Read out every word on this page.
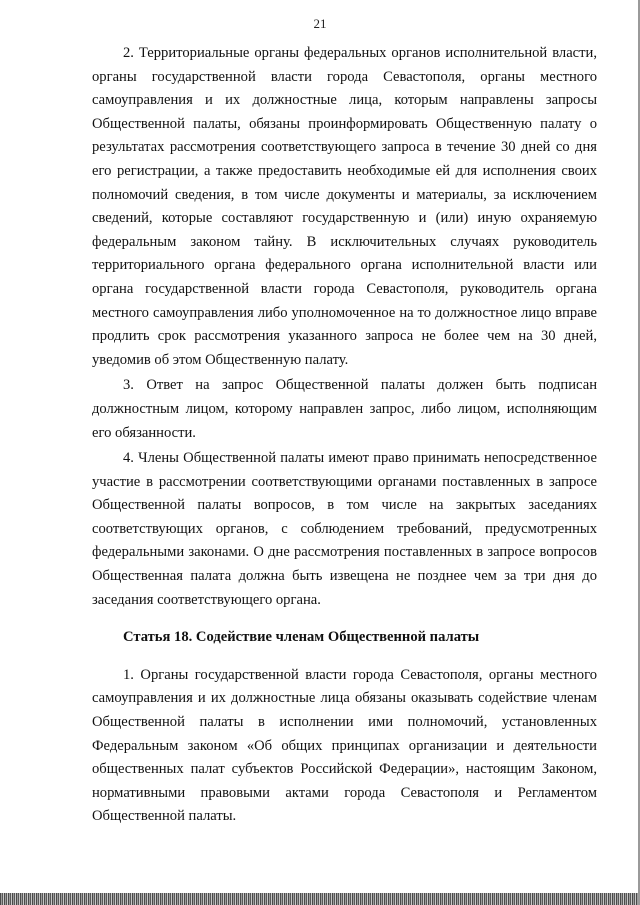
21

2. Территориальные органы федеральных органов исполнительной власти, органы государственной власти города Севастополя, органы местного самоуправления и их должностные лица, которым направлены запросы Общественной палаты, обязаны проинформировать Общественную палату о результатах рассмотрения соответствующего запроса в течение 30 дней со дня его регистрации, а также предоставить необходимые ей для исполнения своих полномочий сведения, в том числе документы и материалы, за исключением сведений, которые составляют государственную и (или) иную охраняемую федеральным законом тайну. В исключительных случаях руководитель территориального органа федерального органа исполнительной власти или органа государственной власти города Севастополя, руководитель органа местного самоуправления либо уполномоченное на то должностное лицо вправе продлить срок рассмотрения указанного запроса не более чем на 30 дней, уведомив об этом Общественную палату.

3. Ответ на запрос Общественной палаты должен быть подписан должностным лицом, которому направлен запрос, либо лицом, исполняющим его обязанности.

4. Члены Общественной палаты имеют право принимать непосредственное участие в рассмотрении соответствующими органами поставленных в запросе Общественной палаты вопросов, в том числе на закрытых заседаниях соответствующих органов, с соблюдением требований, предусмотренных федеральными законами. О дне рассмотрения поставленных в запросе вопросов Общественная палата должна быть извещена не позднее чем за три дня до заседания соответствующего органа.

Статья 18. Содействие членам Общественной палаты

1. Органы государственной власти города Севастополя, органы местного самоуправления и их должностные лица обязаны оказывать содействие членам Общественной палаты в исполнении ими полномочий, установленных Федеральным законом «Об общих принципах организации и деятельности общественных палат субъектов Российской Федерации», настоящим Законом, нормативными правовыми актами города Севастополя и Регламентом Общественной палаты.
